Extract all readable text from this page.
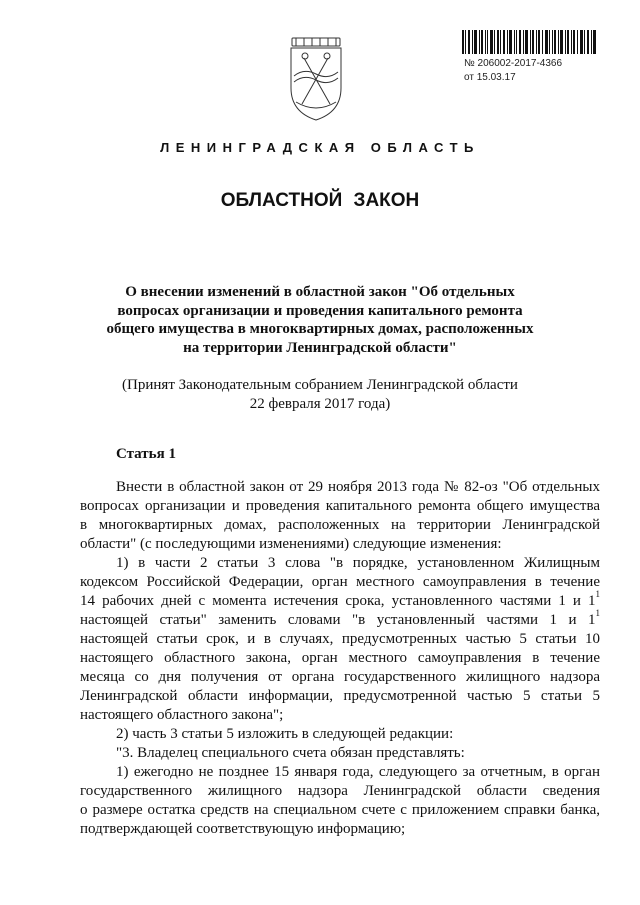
№ 206002-2017-4366
от 15.03.17
ЛЕНИНГРАДСКАЯ ОБЛАСТЬ
ОБЛАСТНОЙ ЗАКОН
О внесении изменений в областной закон "Об отдельных
вопросах организации и проведения капитального ремонта
общего имущества в многоквартирных домах, расположенных
на территории Ленинградской области"
(Принят Законодательным собранием Ленинградской области
22 февраля 2017 года)
Статья 1
Внести в областной закон от 29 ноября 2013 года № 82-оз "Об отдельных
вопросах организации и проведения капитального ремонта общего имущества
в многоквартирных домах, расположенных на территории Ленинградской
области" (с последующими изменениями) следующие изменения:
1) в части 2 статьи 3 слова "в порядке, установленном Жилищным
кодексом Российской Федерации, орган местного самоуправления в течение
14 рабочих дней с момента истечения срока, установленного частями 1 и $1^1$
настоящей статьи" заменить словами "в установленный частями 1 и $1^1$
настоящей статьи срок, и в случаях, предусмотренных частью 5 статьи 10
настоящего областного закона, орган местного самоуправления в течение
месяца со дня получения от органа государственного жилищного надзора
Ленинградской области информации, предусмотренной частью 5 статьи 5
настоящего областного закона";
2) часть 3 статьи 5 изложить в следующей редакции:
"3. Владелец специального счета обязан представлять:
1) ежегодно не позднее 15 января года, следующего за отчетным, в орган
государственного жилищного надзора Ленинградской области сведения
о размере остатка средств на специальном счете с приложением справки банка,
подтверждающей соответствующую информацию;
